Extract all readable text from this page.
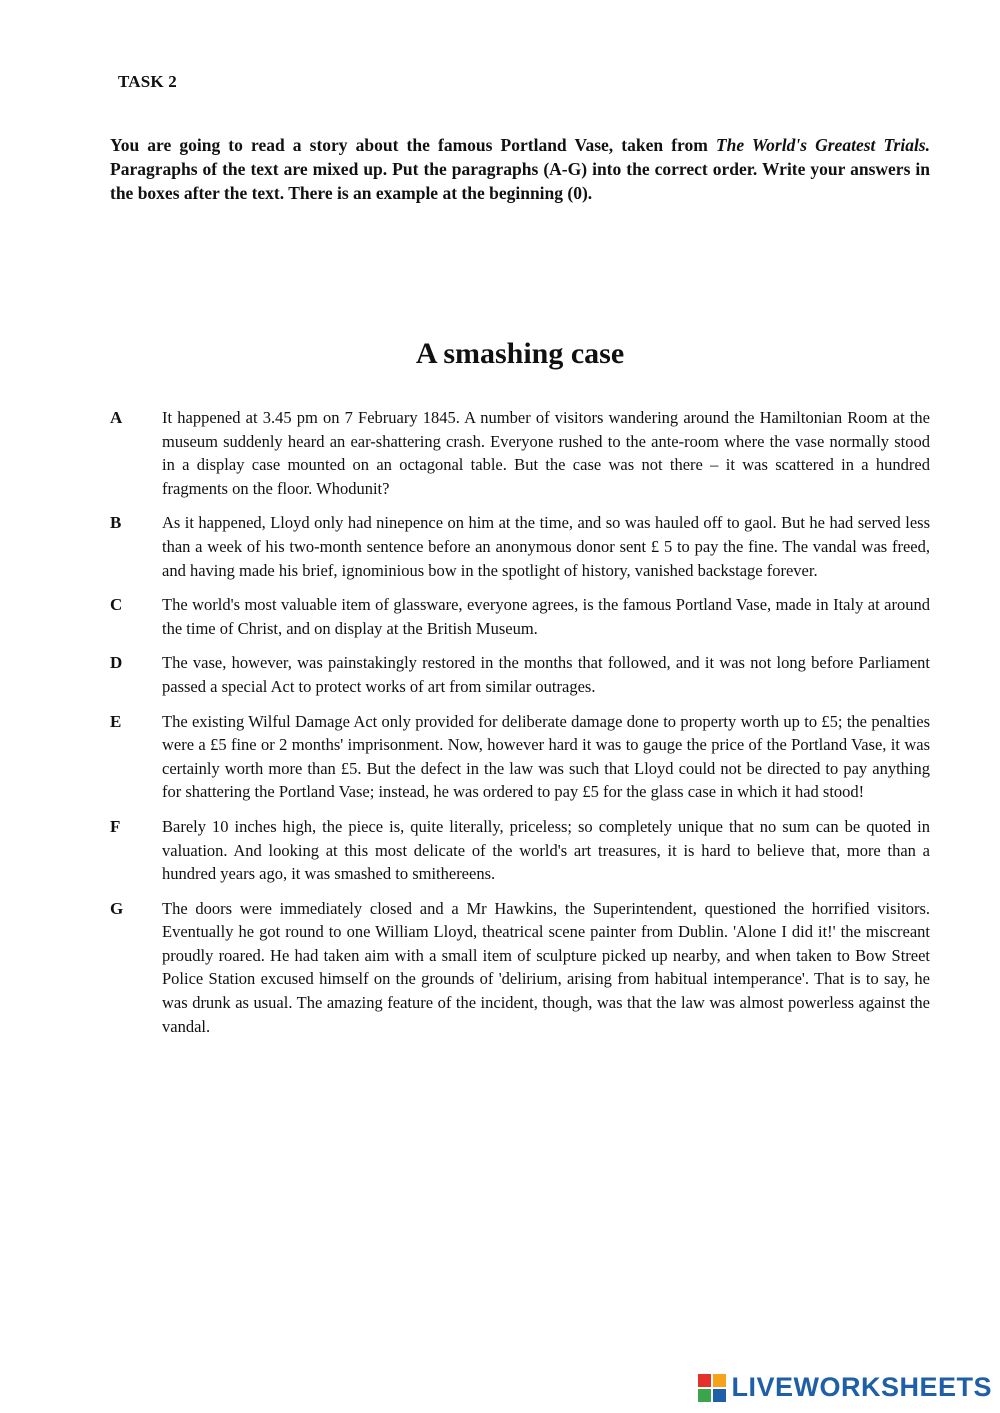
TASK 2
You are going to read a story about the famous Portland Vase, taken from The World's Greatest Trials. Paragraphs of the text are mixed up. Put the paragraphs (A-G) into the correct order. Write your answers in the boxes after the text. There is an example at the beginning (0).
A smashing case
A	It happened at 3.45 pm on 7 February 1845. A number of visitors wandering around the Hamiltonian Room at the museum suddenly heard an ear-shattering crash. Everyone rushed to the ante-room where the vase normally stood in a display case mounted on an octagonal table. But the case was not there – it was scattered in a hundred fragments on the floor. Whodunit?

B	As it happened, Lloyd only had ninepence on him at the time, and so was hauled off to gaol. But he had served less than a week of his two-month sentence before an anonymous donor sent £ 5 to pay the fine. The vandal was freed, and having made his brief, ignominious bow in the spotlight of history, vanished backstage forever.

C	The world's most valuable item of glassware, everyone agrees, is the famous Portland Vase, made in Italy at around the time of Christ, and on display at the British Museum.

D	The vase, however, was painstakingly restored in the months that followed, and it was not long before Parliament passed a special Act to protect works of art from similar outrages.

E	The existing Wilful Damage Act only provided for deliberate damage done to property worth up to £5; the penalties were a £5 fine or 2 months' imprisonment. Now, however hard it was to gauge the price of the Portland Vase, it was certainly worth more than £5. But the defect in the law was such that Lloyd could not be directed to pay anything for shattering the Portland Vase; instead, he was ordered to pay £5 for the glass case in which it had stood!

F	Barely 10 inches high, the piece is, quite literally, priceless; so completely unique that no sum can be quoted in valuation. And looking at this most delicate of the world's art treasures, it is hard to believe that, more than a hundred years ago, it was smashed to smithereens.

G	The doors were immediately closed and a Mr Hawkins, the Superintendent, questioned the horrified visitors. Eventually he got round to one William Lloyd, theatrical scene painter from Dublin. 'Alone I did it!' the miscreant proudly roared. He had taken aim with a small item of sculpture picked up nearby, and when taken to Bow Street Police Station excused himself on the grounds of 'delirium, arising from habitual intemperance'. That is to say, he was drunk as usual. The amazing feature of the incident, though, was that the law was almost powerless against the vandal.

LIVEWORKSHEETS
